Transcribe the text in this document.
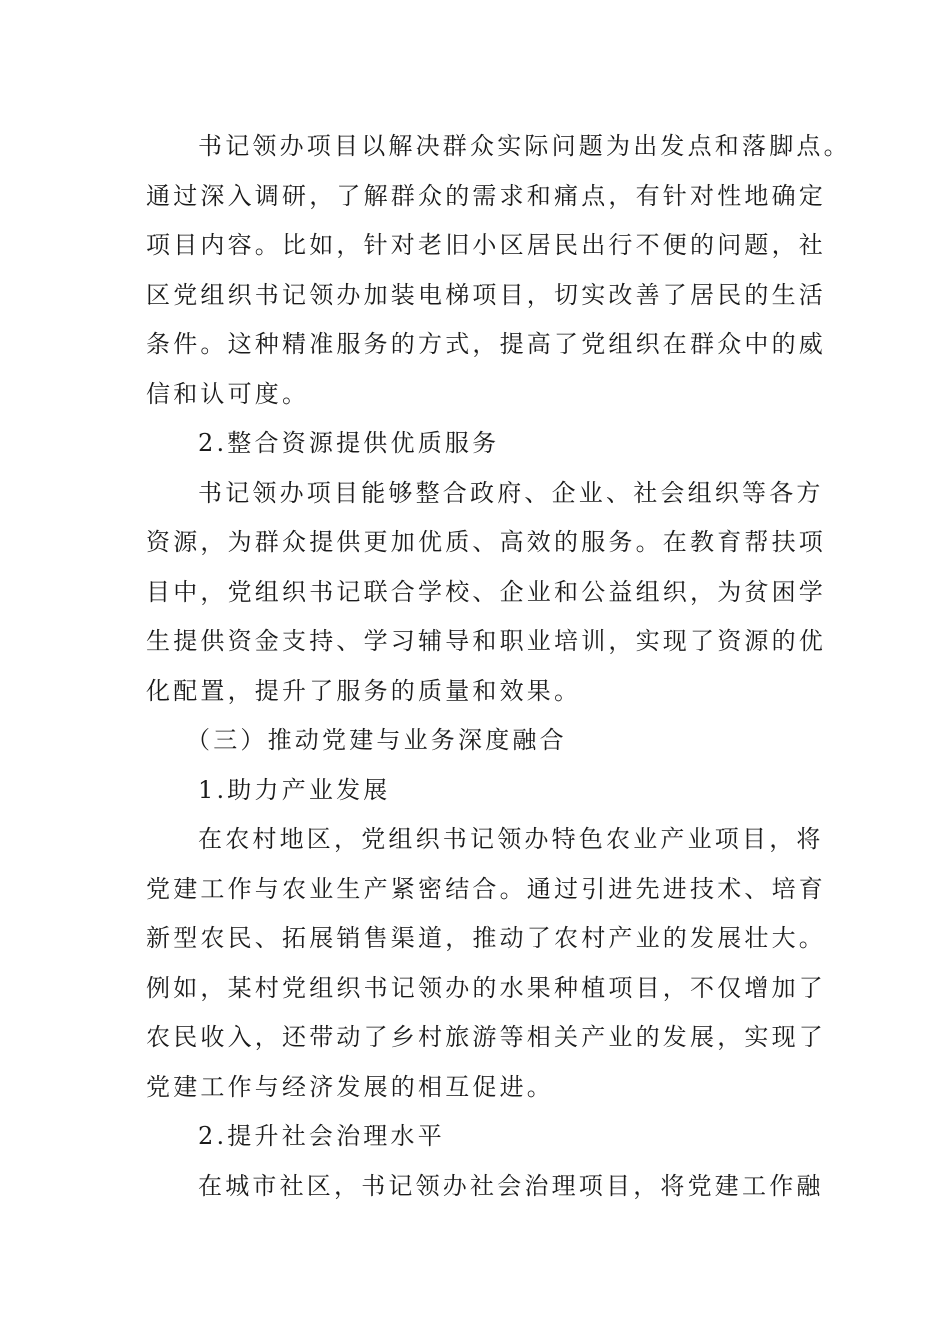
书记领办项目以解决群众实际问题为出发点和落脚点。
通过深入调研，了解群众的需求和痛点，有针对性地确定
项目内容。比如，针对老旧小区居民出行不便的问题，社
区党组织书记领办加装电梯项目，切实改善了居民的生活
条件。这种精准服务的方式，提高了党组织在群众中的威
信和认可度。
2.整合资源提供优质服务
书记领办项目能够整合政府、企业、社会组织等各方
资源，为群众提供更加优质、高效的服务。在教育帮扶项
目中，党组织书记联合学校、企业和公益组织，为贫困学
生提供资金支持、学习辅导和职业培训，实现了资源的优
化配置，提升了服务的质量和效果。
（三）推动党建与业务深度融合
1.助力产业发展
在农村地区，党组织书记领办特色农业产业项目，将
党建工作与农业生产紧密结合。通过引进先进技术、培育
新型农民、拓展销售渠道，推动了农村产业的发展壮大。
例如，某村党组织书记领办的水果种植项目，不仅增加了
农民收入，还带动了乡村旅游等相关产业的发展，实现了
党建工作与经济发展的相互促进。
2.提升社会治理水平
在城市社区，书记领办社会治理项目，将党建工作融
